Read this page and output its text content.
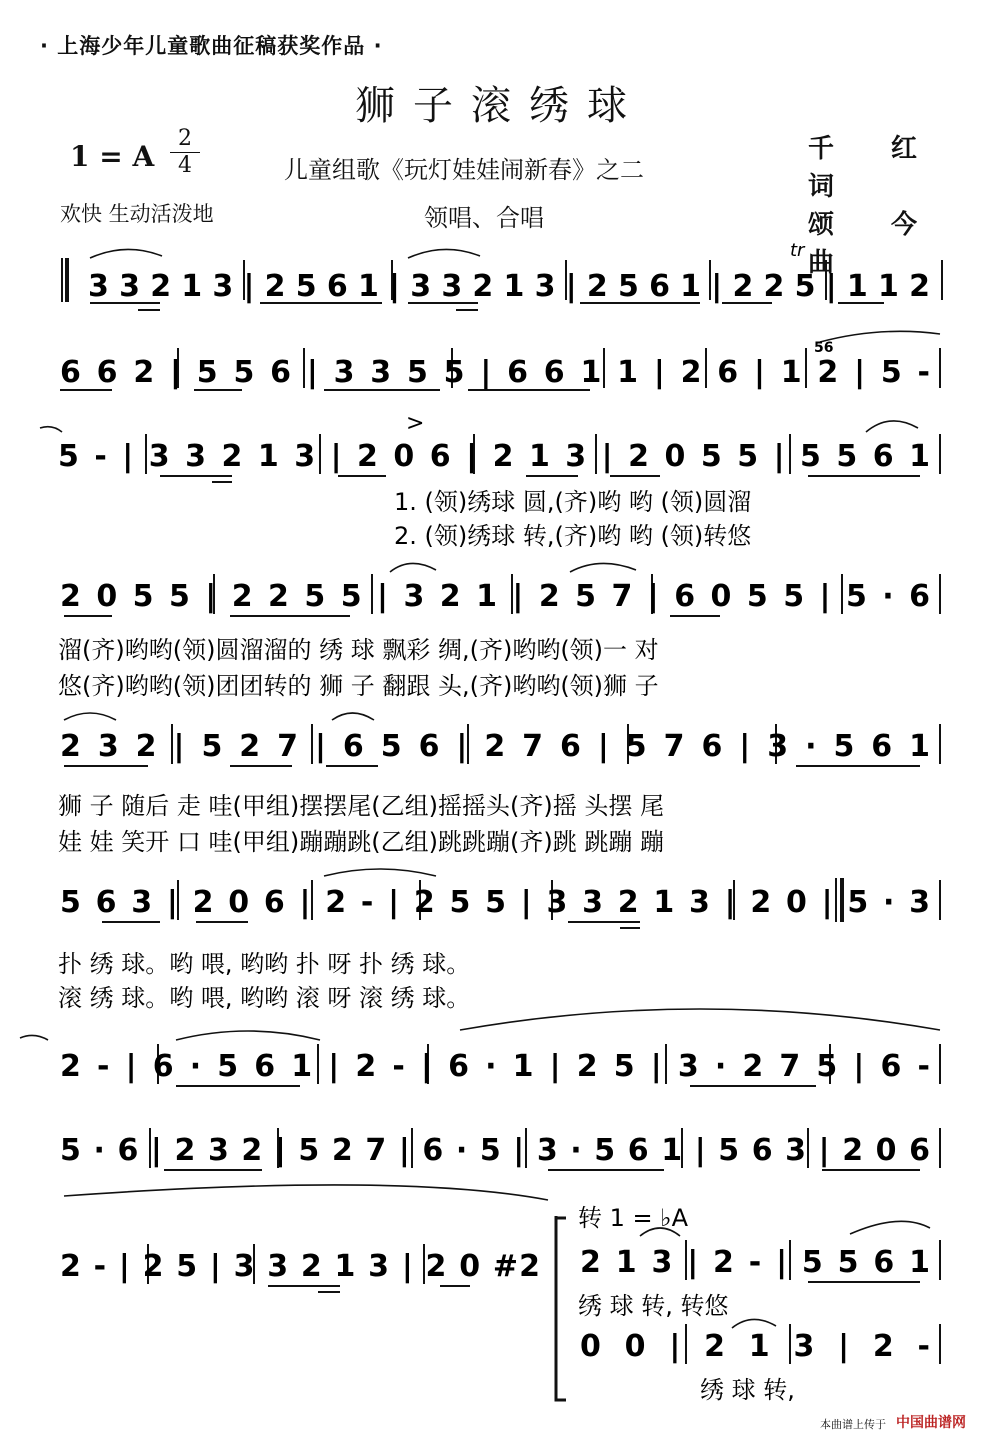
· 上海少年儿童歌曲征稿获奖作品 ·
狮子滚绣球
1 = A
2
4	儿童组歌《玩灯娃娃闹新春》之二
千 红 词
颂 今 曲
欢快 生动活泼地	领唱、合唱
3 3 2 1 3 | 2 5 6 1 | 3 3 2 1 3 | 2 5 6 1 | 2 2 5 | 1 1 2
6 6 2 | 5 5 6 | 3 3 5 5 | 6 6 1 1 | 2 6 | 1 2 | 5 -
5 - | 3 3 2 1 3 | 2 0 6 | 2 1 3 | 2 0 5 5 | 5 5 6 1
2 0 5 5 | 2 2 5 5 | 3 2 1 | 2 5 7 | 6 0 5 5 | 5 · 6
2 3 2 | 5 2 7 | 6 5 6 | 2 7 6 | 5 7 6 | 3 · 5 6 1
5 6 3 | 2 0 6 | 2 - | 2 5 5 | 3 3 2 1 3 | 2 0 | 5 · 3
2 - | 6 · 5 6 1 | 2 - | 6 · 1 | 2 5 | 3 · 2 7 5 | 6 -
5 · 6 | 2 3 2 | 5 2 7 | 6 · 5 | 3 · 5 6 1 | 5 6 3 | 2 0 6
2 - | 2 5 | 3 3 2 1 3 | 2 0 #2 2 1 3 | 2 - | 5 5 6 1
0 0 | 2 1 3 | 2 -
转 1 = ♭A
56
tr
>
1. (领)绣球 圆,(齐)哟 哟 (领)圆溜
2. (领)绣球 转,(齐)哟 哟 (领)转悠
溜(齐)哟哟(领)圆溜溜的 绣 球 飘彩 绸,(齐)哟哟(领)一 对
悠(齐)哟哟(领)团团转的 狮 子 翻跟 头,(齐)哟哟(领)狮 子
狮 子 随后 走 哇(甲组)摆摆尾(乙组)摇摇头(齐)摇 头摆 尾
娃 娃 笑开 口 哇(甲组)蹦蹦跳(乙组)跳跳蹦(齐)跳 跳蹦 蹦
扑 绣 球。哟 喂, 哟哟 扑 呀 扑 绣 球。
滚 绣 球。哟 喂, 哟哟 滚 呀 滚 绣 球。
绣 球 转, 转悠
绣 球 转,
本曲谱上传于 中国曲谱网
